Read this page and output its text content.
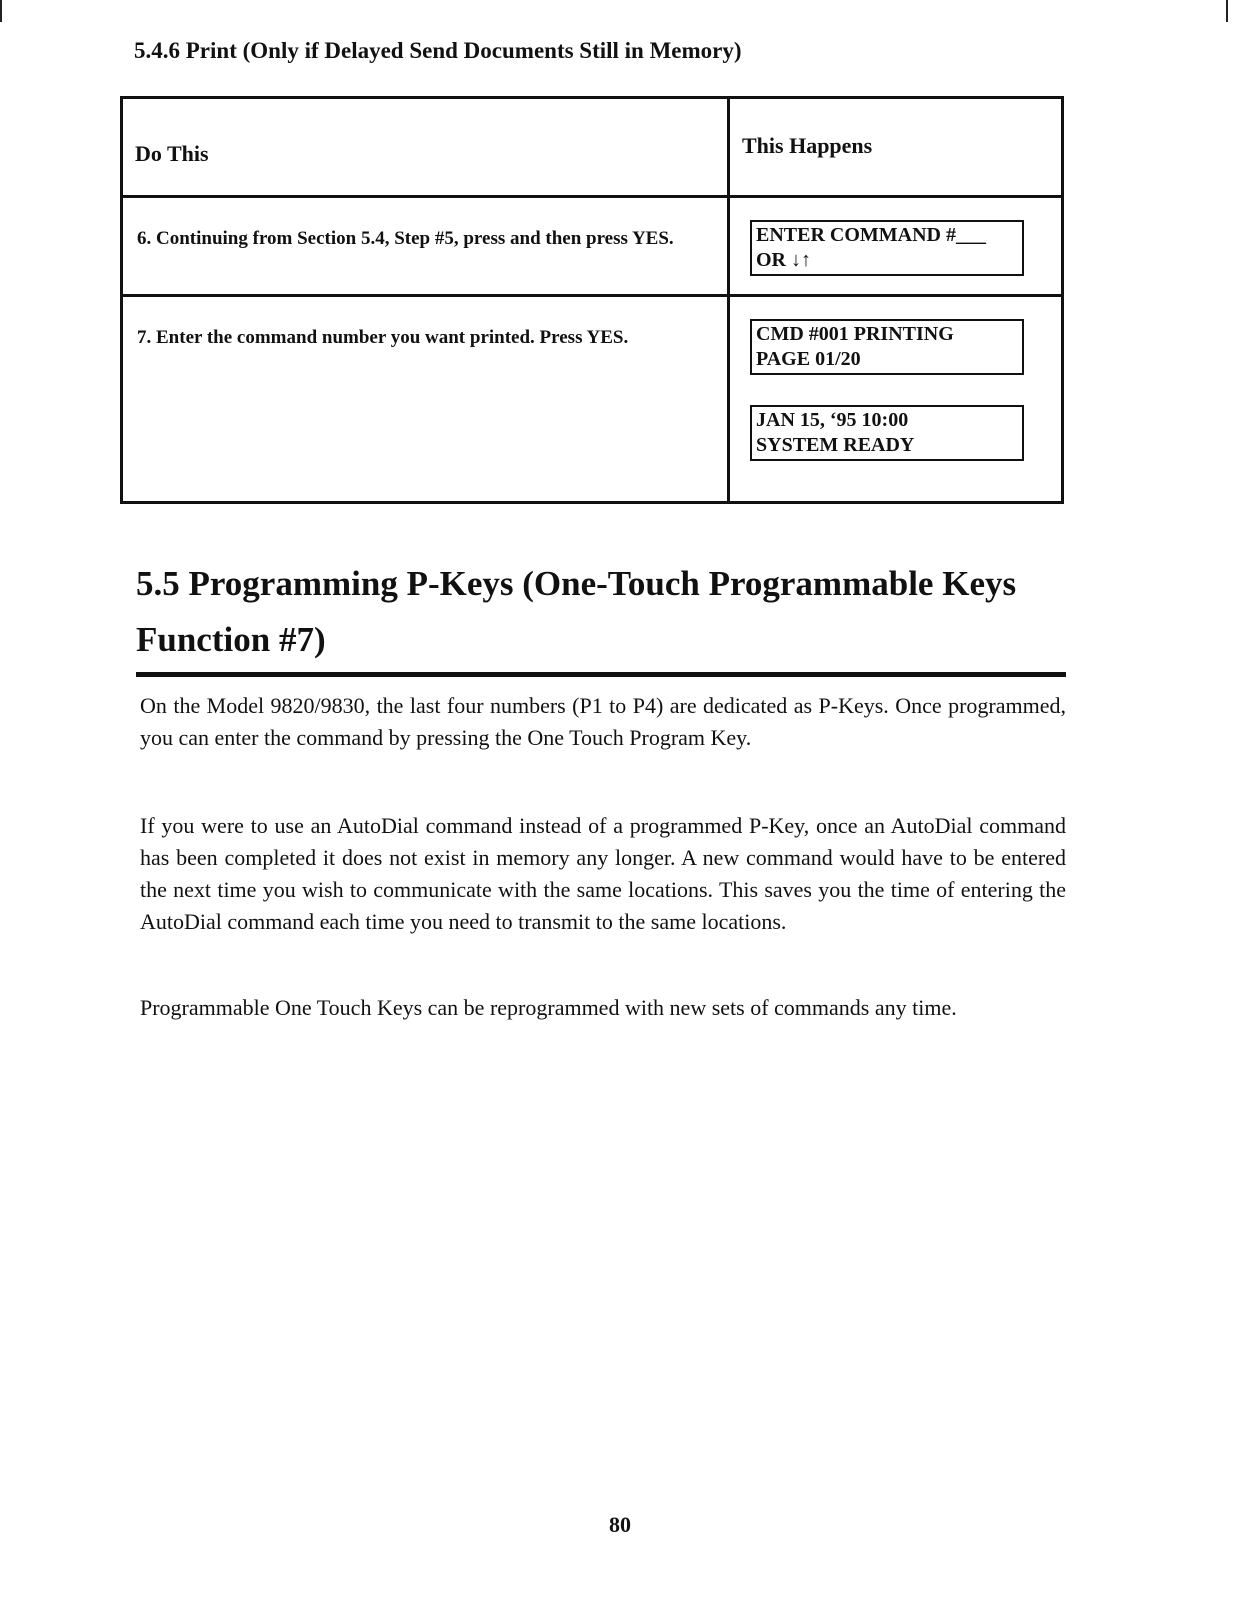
5.4.6 Print (Only if Delayed Send Documents Still in Memory)
Do This	This Happens

6. Continuing from Section 5.4, Step #5, press and then press YES.	ENTER COMMAND #___
OR ↓↑

7. Enter the command number you want printed. Press YES.	CMD #001 PRINTING
PAGE 01/20
JAN 15, ‘95 10:00
SYSTEM READY
5.5 Programming P-Keys (One-Touch Programmable Keys Function #7)

On the Model 9820/9830, the last four numbers (P1 to P4) are dedicated as P-Keys. Once programmed, you can enter the command by pressing the One Touch Program Key.

If you were to use an AutoDial command instead of a programmed P-Key, once an AutoDial command has been completed it does not exist in memory any longer. A new command would have to be entered the next time you wish to communicate with the same locations. This saves you the time of entering the AutoDial command each time you need to transmit to the same locations.

Programmable One Touch Keys can be reprogrammed with new sets of commands any time.

80
